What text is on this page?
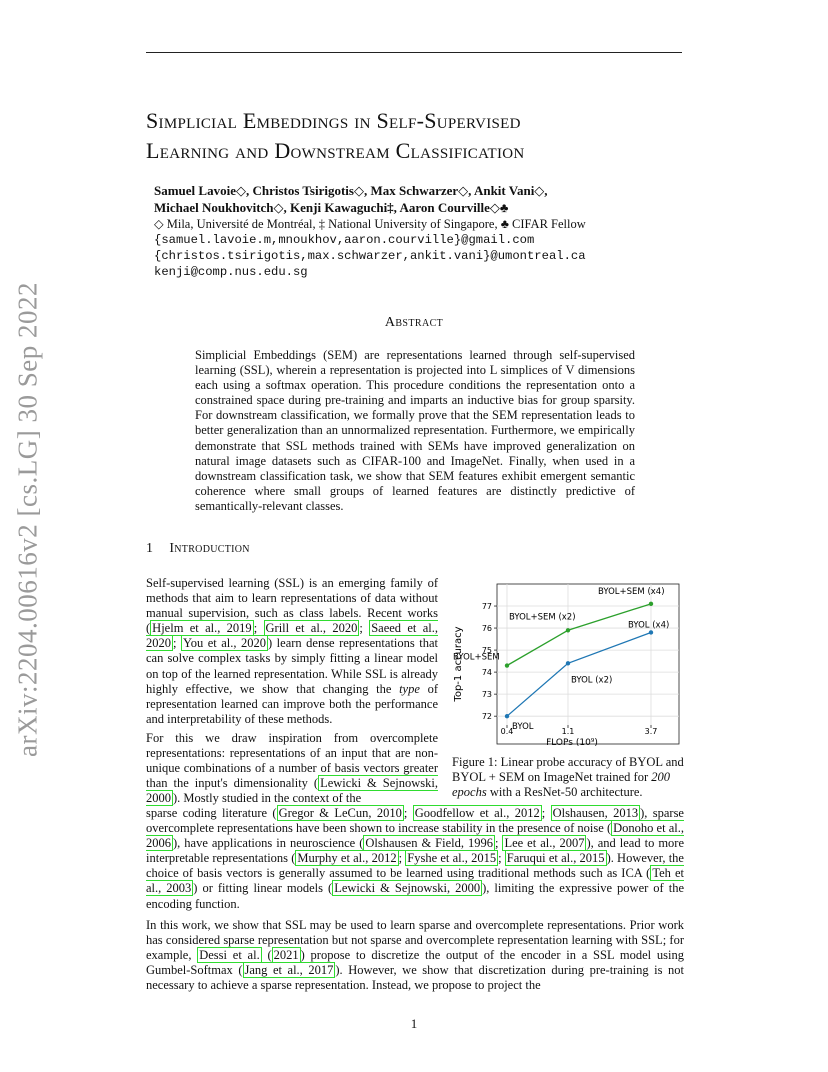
arXiv:2204.00616v2 [cs.LG] 30 Sep 2022
Simplicial Embeddings in Self-Supervised
Learning and Downstream Classification
Samuel Lavoie◇, Christos Tsirigotis◇, Max Schwarzer◇, Ankit Vani◇,
Michael Noukhovitch◇, Kenji Kawaguchi‡, Aaron Courville◇♣
◇ Mila, Université de Montréal, ‡ National University of Singapore, ♣ CIFAR Fellow
{samuel.lavoie.m,mnoukhov,aaron.courville}@gmail.com
{christos.tsirigotis,max.schwarzer,ankit.vani}@umontreal.ca
kenji@comp.nus.edu.sg
Abstract
Simplicial Embeddings (SEM) are representations learned through self-supervised learning (SSL), wherein a representation is projected into L simplices of V dimensions each using a softmax operation. This procedure conditions the representation onto a constrained space during pre-training and imparts an inductive bias for group sparsity. For downstream classification, we formally prove that the SEM representation leads to better generalization than an unnormalized representation. Furthermore, we empirically demonstrate that SSL methods trained with SEMs have improved generalization on natural image datasets such as CIFAR-100 and ImageNet. Finally, when used in a downstream classification task, we show that SEM features exhibit emergent semantic coherence where small groups of learned features are distinctly predictive of semantically-relevant classes.
1 Introduction
Self-supervised learning (SSL) is an emerging family of methods that aim to learn representations of data without manual supervision, such as class labels. Recent works ( Hjelm et al., 2019 ; Grill et al., 2020 ; Saeed et al., 2020 ; You et al., 2020 ) learn dense representations that can solve complex tasks by simply fitting a linear model on top of the learned representation. While SSL is already highly effective, we show that changing the type of representation learned can improve both the performance and interpretability of these methods.
For this we draw inspiration from overcomplete representations: representations of an input that are non-unique combinations of a number of basis vectors greater than the input's dimensionality ( Lewicki & Sejnowski, 2000 ). Mostly studied in the context of the
sparse coding literature ( Gregor & LeCun, 2010 ; Goodfellow et al., 2012 ; Olshausen, 2013 ), sparse overcomplete representations have been shown to increase stability in the presence of noise ( Donoho et al., 2006 ), have applications in neuroscience ( Olshausen & Field, 1996 ; Lee et al., 2007 ), and lead to more interpretable representations ( Murphy et al., 2012 ; Fyshe et al., 2015 ; Faruqui et al., 2015 ). However, the choice of basis vectors is generally assumed to be learned using traditional methods such as ICA ( Teh et al., 2003 ) or fitting linear models ( Lewicki & Sejnowski, 2000 ), limiting the expressive power of the encoding function.
In this work, we show that SSL may be used to learn sparse and overcomplete representations. Prior work has considered sparse representation but not sparse and overcomplete representation learning with SSL; for example, Dessi et al. ( 2021 ) propose to discretize the output of the encoder in a SSL model using Gumbel-Softmax ( Jang et al., 2017 ). However, we show that discretization during pre-training is not necessary to achieve a sparse representation. Instead, we propose to project the
72
73
74
75
76
77
0.4	1.1	3.7
BYOL
BYOL (x2)
BYOL (x4)
BYOL+SEM
BYOL+SEM (x2)
BYOL+SEM (x4)
Top-1 accuracy
FLOPs (10⁹)
Figure 1: Linear probe accuracy of BYOL and BYOL + SEM on ImageNet trained for 200 epochs with a ResNet-50 architecture.
1
